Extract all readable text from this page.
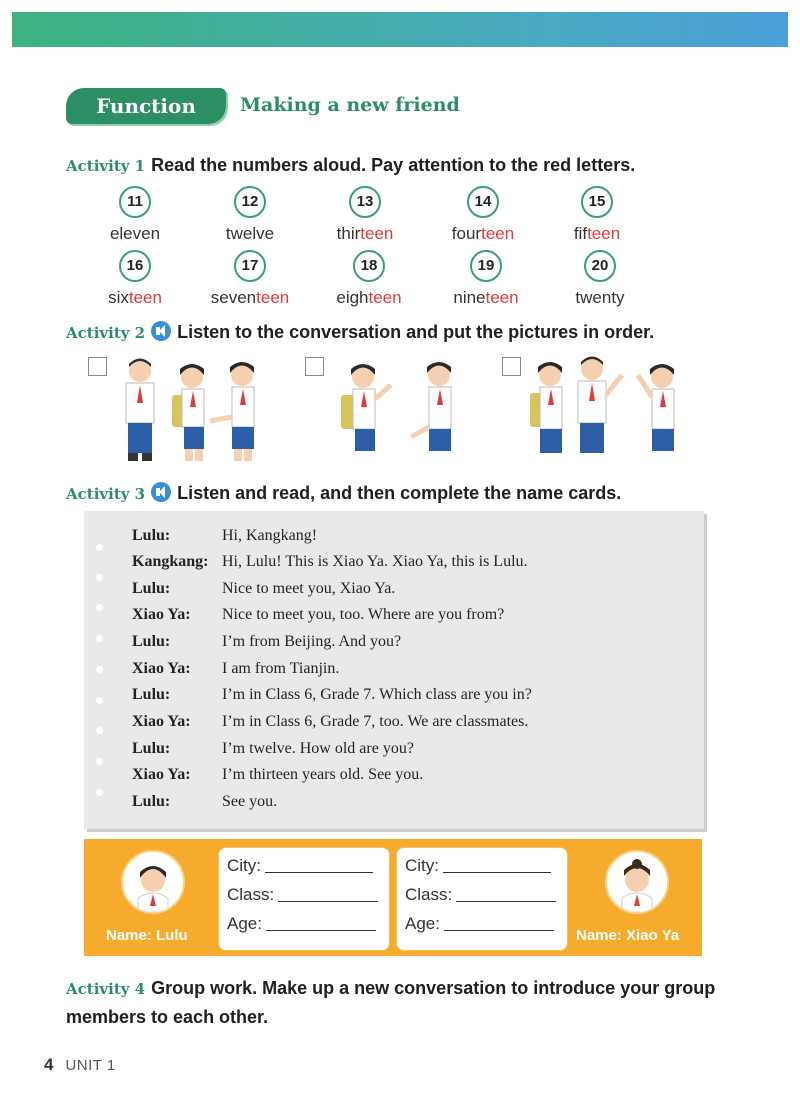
Function	Making a new friend
Activity 1 Read the numbers aloud. Pay attention to the red letters.
11
eleven
12
twelve
13
thirteen
14
fourteen
15
fifteen
16
sixteen
17
seventeen
18
eighteen
19
nineteen
20
twenty
Activity 2 Listen to the conversation and put the pictures in order.
Activity 3 Listen and read, and then complete the name cards.
Lulu:	Hi, Kangkang!
Kangkang: Hi, Lulu! This is Xiao Ya. Xiao Ya, this is Lulu.
Lulu:	Nice to meet you, Xiao Ya.
Xiao Ya: Nice to meet you, too. Where are you from?
Lulu:	I’m from Beijing. And you?
Xiao Ya: I am from Tianjin.
Lulu:	I’m in Class 6, Grade 7. Which class are you in?
Xiao Ya: I’m in Class 6, Grade 7, too. We are classmates.
Lulu:	I’m twelve. How old are you?
Xiao Ya: I’m thirteen years old. See you.
Lulu:	See you.
Name: Lulu
City:
Class:
Age:
City:
Class:
Age:
Name: Xiao Ya
Activity 4 Group work. Make up a new conversation to introduce your group members to each other.
4 UNIT 1
